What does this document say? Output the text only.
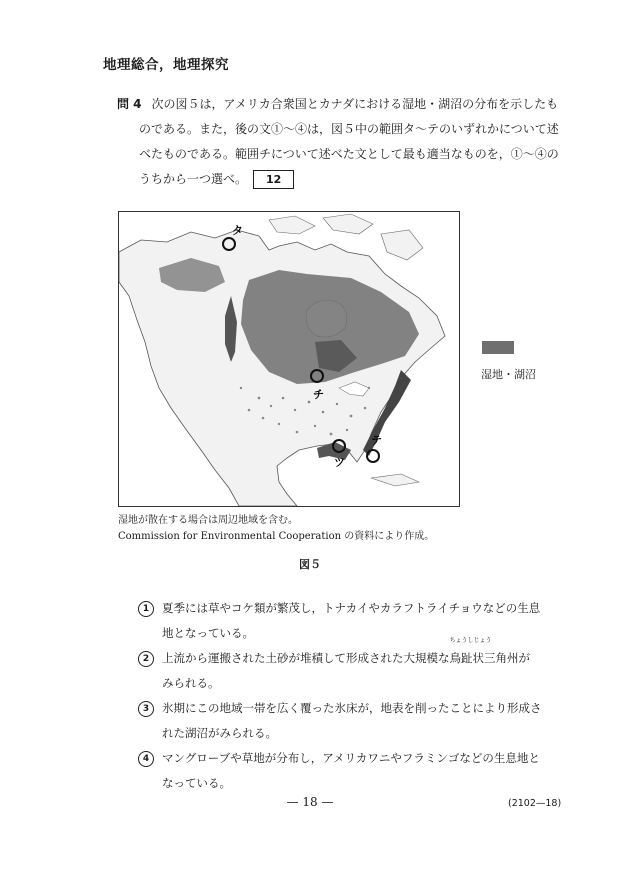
地理総合，地理探究
問 4 次の図５は，アメリカ合衆国とカナダにおける湿地・湖沼の分布を示したも
のである。また，後の文①〜④は，図５中の範囲タ〜テのいずれかについて述
べたものである。範囲チについて述べた文として最も適当なものを，①〜④の
うちから一つ選べ。 12
タ
チ
ツ
テ
湿地・湖沼
湿地が散在する場合は周辺地域を含む。
Commission for Environmental Cooperation の資料により作成。
図５
1 夏季には草やコケ類が繁茂し，トナカイやカラフトライチョウなどの生息
地となっている。
2 上流から運搬された土砂が堆積して形成された大規模な
ちょうしじょう
鳥趾状三角州が
みられる。
3 氷期にこの地域一帯を広く覆った氷床が，地表を削ったことにより形成さ
れた湖沼がみられる。
4 マングローブや草地が分布し，アメリカワニやフラミンゴなどの生息地と
なっている。
— 18 —	(2102—18)
